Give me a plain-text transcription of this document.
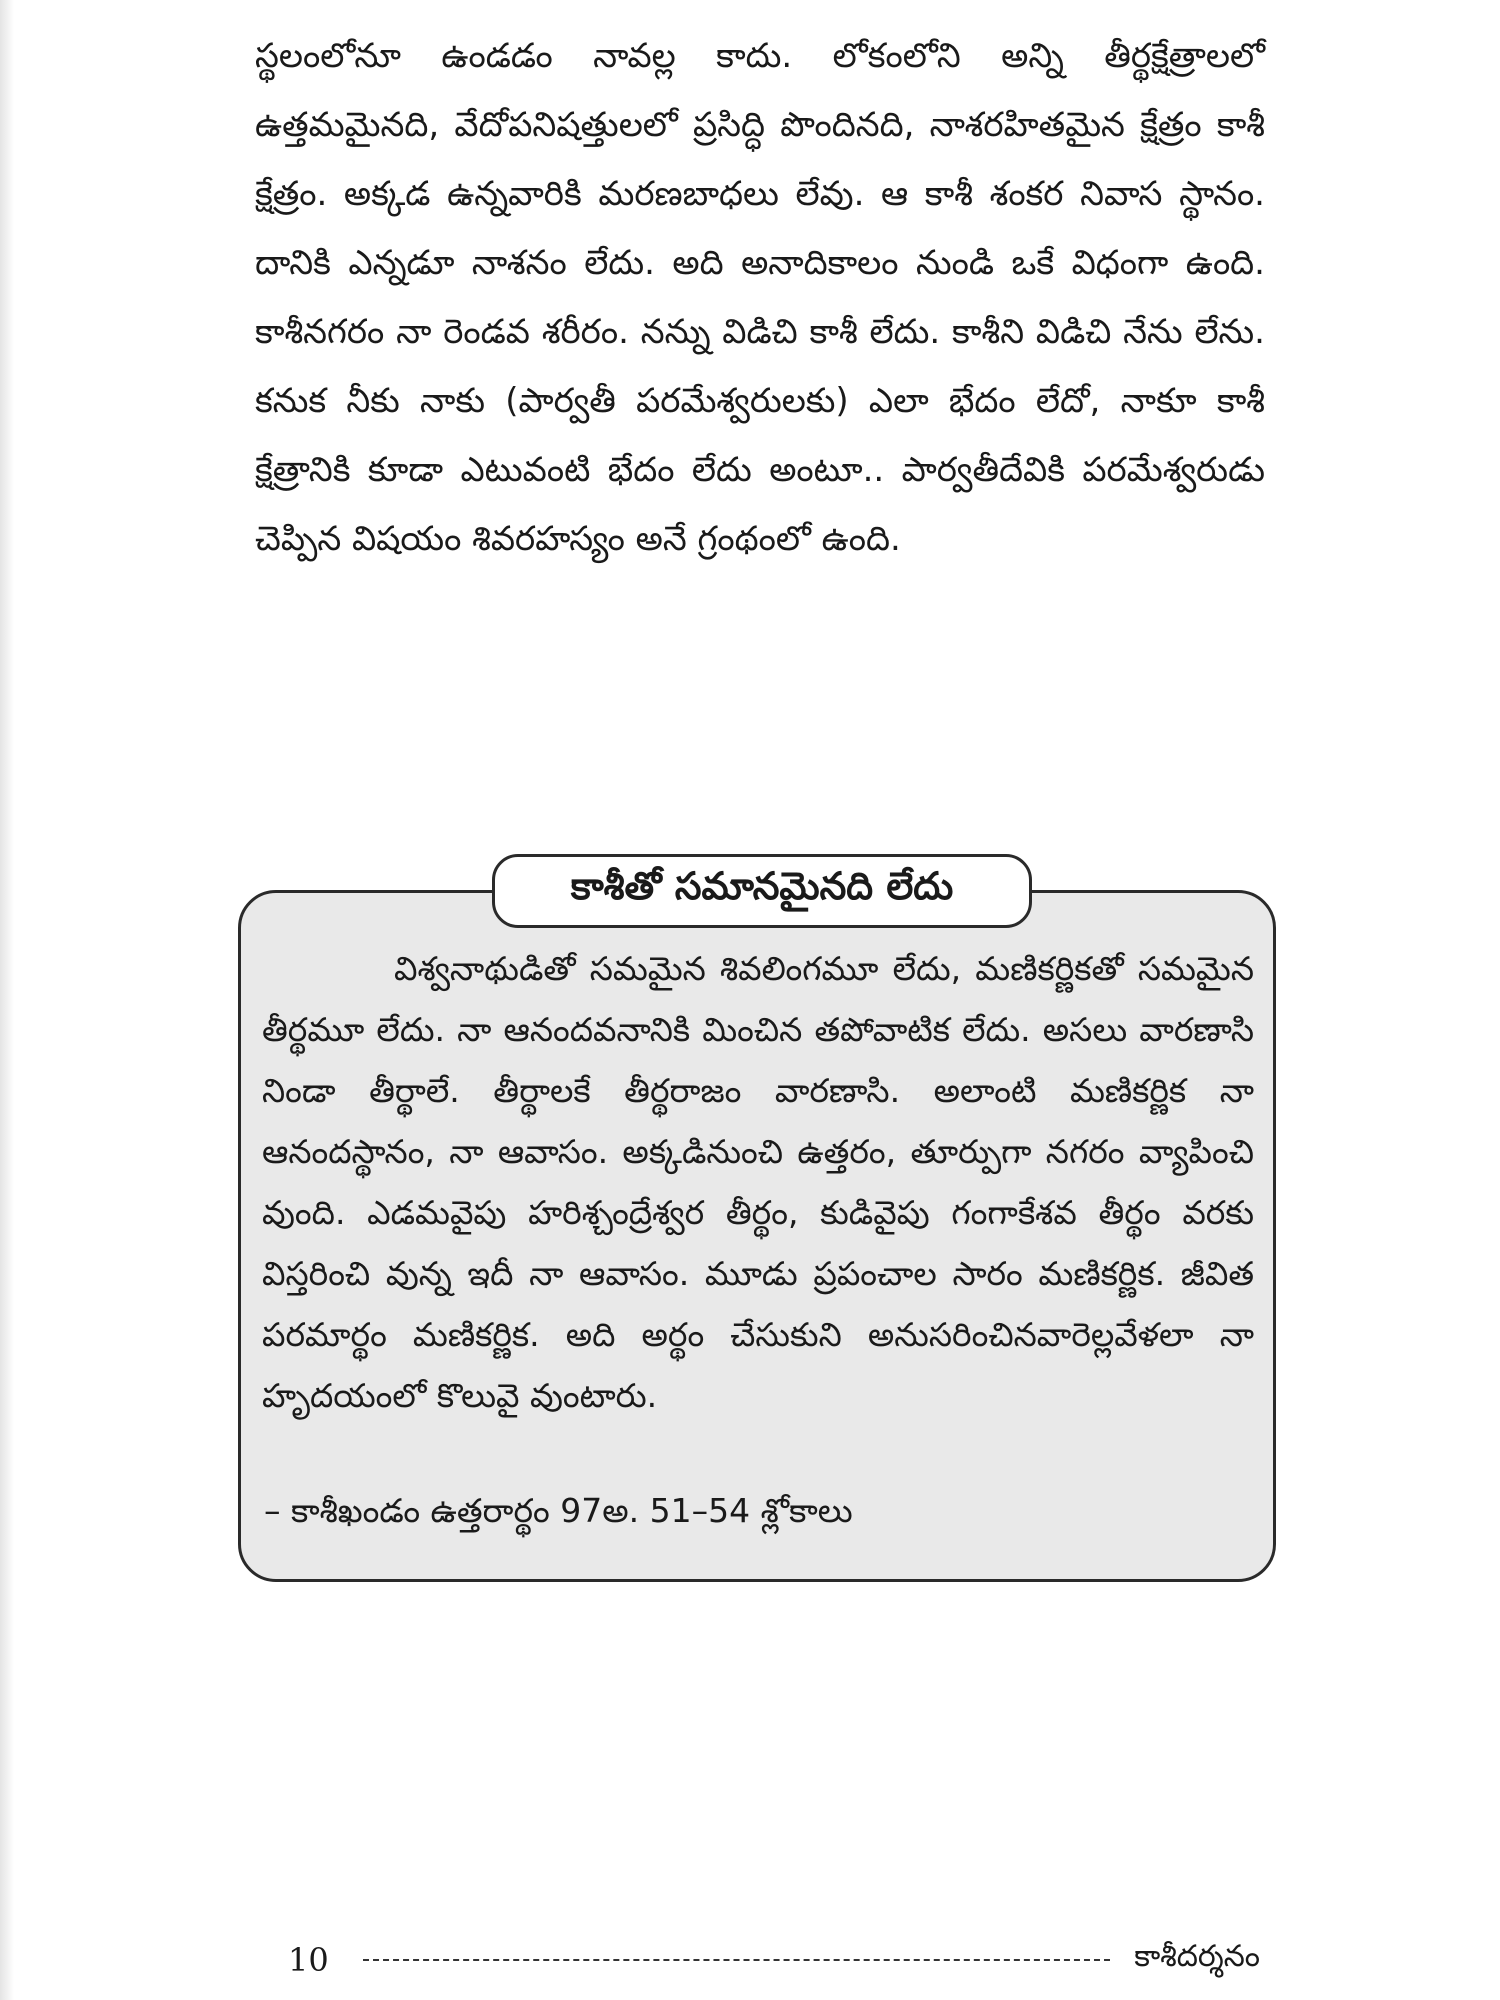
స్థలంలోనూ ఉండడం నావల్ల కాదు. లోకంలోని అన్ని తీర్థక్షేత్రాలలో ఉత్తమమైనది, వేదోపనిషత్తులలో ప్రసిద్ధి పొందినది, నాశరహితమైన క్షేత్రం కాశీ క్షేత్రం. అక్కడ ఉన్నవారికి మరణబాధలు లేవు. ఆ కాశీ శంకర నివాస స్థానం. దానికి ఎన్నడూ నాశనం లేదు. అది అనాదికాలం నుండి ఒకే విధంగా ఉంది. కాశీనగరం నా రెండవ శరీరం. నన్ను విడిచి కాశీ లేదు. కాశీని విడిచి నేను లేను. కనుక నీకు నాకు (పార్వతీ పరమేశ్వరులకు) ఎలా భేదం లేదో, నాకూ కాశీ క్షేత్రానికి కూడా ఎటువంటి భేదం లేదు అంటూ.. పార్వతీదేవికి పరమేశ్వరుడు చెప్పిన విషయం శివరహస్యం అనే గ్రంథంలో ఉంది.

కాశీతో సమానమైనది లేదు

విశ్వనాథుడితో సమమైన శివలింగమూ లేదు, మణికర్ణికతో సమమైన తీర్థమూ లేదు. నా ఆనందవనానికి మించిన తపోవాటిక లేదు. అసలు వారణాసి నిండా తీర్థాలే. తీర్థాలకే తీర్థరాజం వారణాసి. అలాంటి మణికర్ణిక నా ఆనందస్థానం, నా ఆవాసం. అక్కడినుంచి ఉత్తరం, తూర్పుగా నగరం వ్యాపించి వుంది. ఎడమవైపు హరిశ్చంద్రేశ్వర తీర్థం, కుడివైపు గంగాకేశవ తీర్థం వరకు విస్తరించి వున్న ఇదీ నా ఆవాసం. మూడు ప్రపంచాల సారం మణికర్ణిక. జీవిత పరమార్థం మణికర్ణిక. అది అర్థం చేసుకుని అనుసరించినవారెల్లవేళలా నా హృదయంలో కొలువై వుంటారు.

– కాశీఖండం ఉత్తరార్థం 97అ. 51–54 శ్లోకాలు
10	కాశీదర్శనం
